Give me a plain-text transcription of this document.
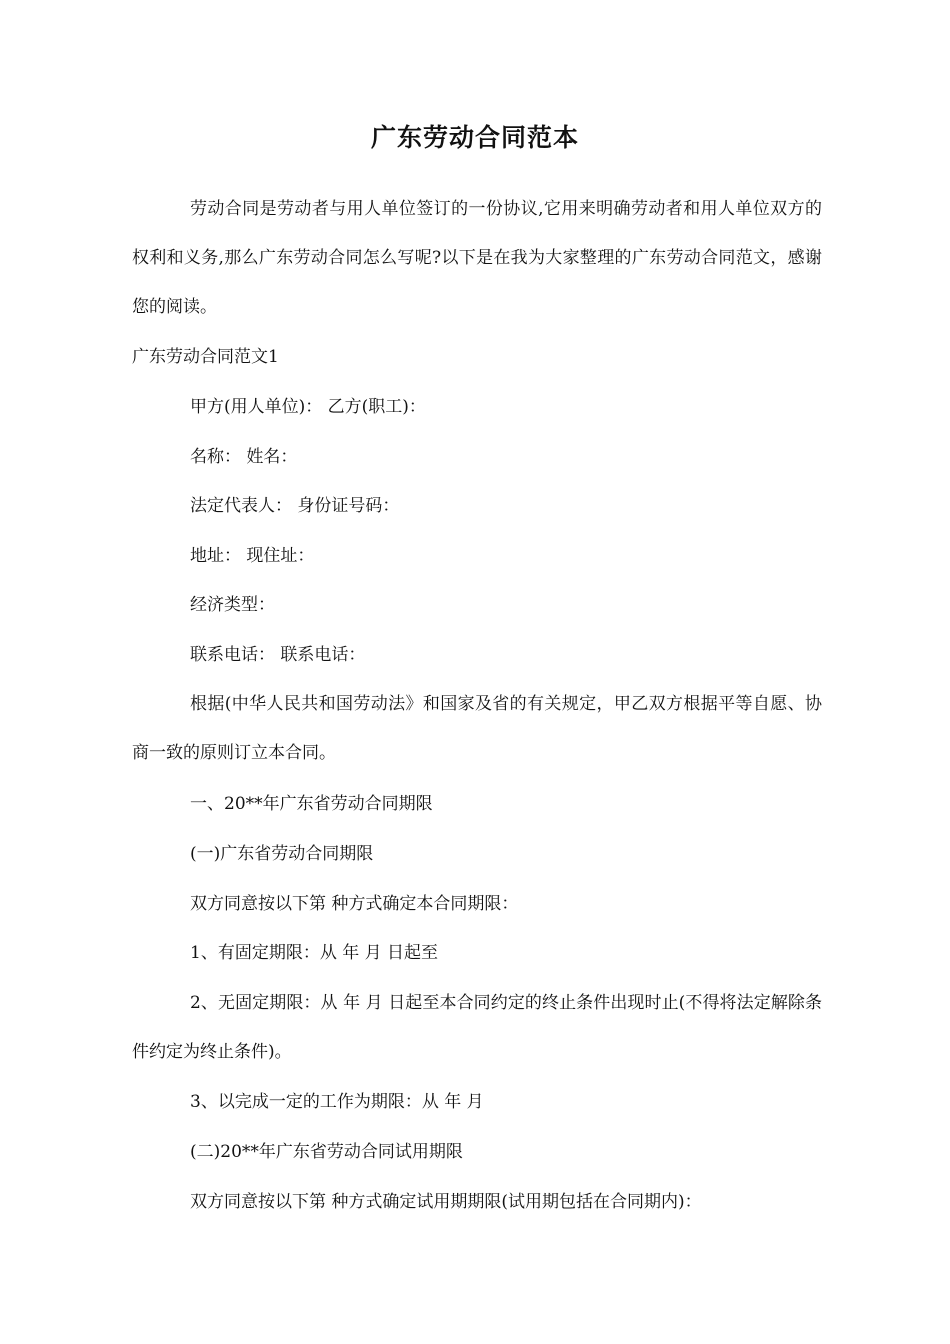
广东劳动合同范本

劳动合同是劳动者与用人单位签订的一份协议,它用来明确劳动者和用人单位双方的权利和义务,那么广东劳动合同怎么写呢?以下是在我为大家整理的广东劳动合同范文，感谢您的阅读。

广东劳动合同范文1

甲方(用人单位)： 乙方(职工)：

名称： 姓名：

法定代表人： 身份证号码：

地址： 现住址：

经济类型：

联系电话： 联系电话：

根据(中华人民共和国劳动法》和国家及省的有关规定，甲乙双方根据平等自愿、协商一致的原则订立本合同。

一、20**年广东省劳动合同期限

(一)广东省劳动合同期限

双方同意按以下第 种方式确定本合同期限：

1、有固定期限：从 年 月 日起至

2、无固定期限：从 年 月 日起至本合同约定的终止条件出现时止(不得将法定解除条件约定为终止条件)。

3、以完成一定的工作为期限：从 年 月

(二)20**年广东省劳动合同试用期限

双方同意按以下第 种方式确定试用期期限(试用期包括在合同期内)：
